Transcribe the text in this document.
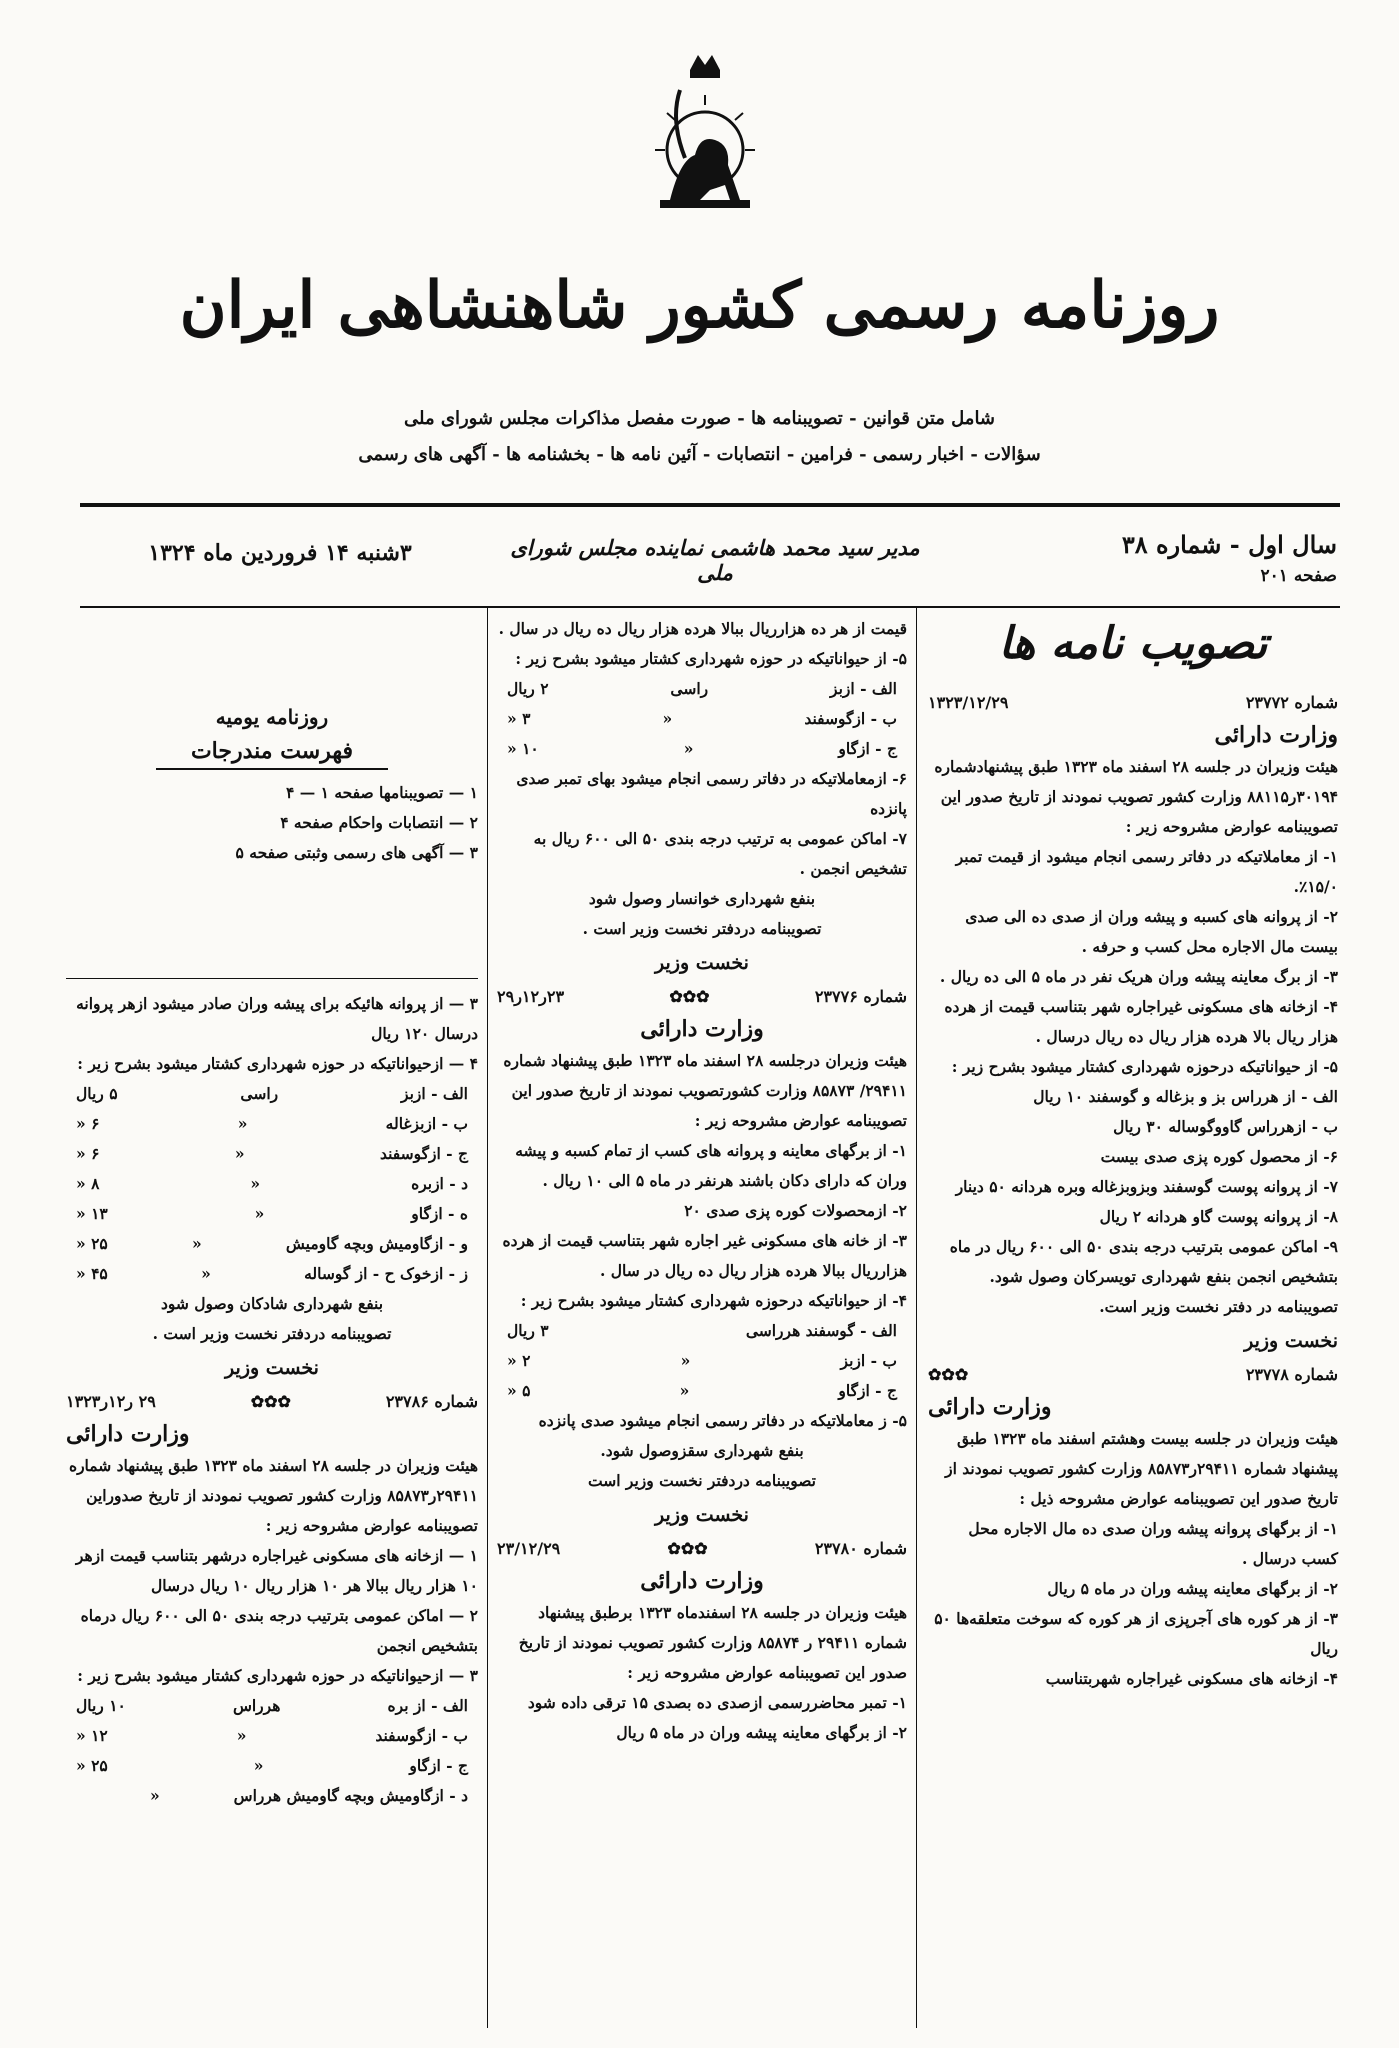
روزنامه رسمی کشور شاهنشاهی ایران
شامل متن قوانین - تصویبنامه ها - صورت مفصل مذاکرات مجلس شورای ملی
سؤالات - اخبار رسمی - فرامین - انتصابات - آئین نامه ها - بخشنامه ها - آگهی های رسمی
سال اول - شماره ۳۸
صفحه ۲۰۱
مدیر سید محمد هاشمی نماینده مجلس شورای ملی
۳شنبه ۱۴ فروردین ماه ۱۳۲۴
تصویب نامه ها
شماره ۲۳۷۷۲
۱۳۲۳/۱۲/۲۹
وزارت دارائی

هیئت وزیران در جلسه ۲۸ اسفند ماه ۱۳۲۳ طبق پیشنهادشماره ۳۰۱۹۴ر۸۸۱۱۵ وزارت کشور تصویب نمودند از تاریخ صدور این تصویبنامه عوارض مشروحه زیر :

۱- از معاملاتیکه در دفاتر رسمی انجام میشود از قیمت تمبر ۱۵/۰٪.

۲- از پروانه های کسبه و پیشه وران از صدی ده الی صدی بیست مال الاجاره محل کسب و حرفه .

۳- از برگ معاینه پیشه وران هریک نفر در ماه ۵ الی ده ریال .

۴- ازخانه های مسکونی غیراجاره شهر بتناسب قیمت از هرده هزار ریال بالا هرده هزار ریال ده ریال درسال .

۵- از حیواناتیکه درحوزه شهرداری کشتار میشود بشرح زیر :

الف - از هرراس بز و بزغاله و گوسفند ۱۰ ریال

ب - ازهرراس گاووگوساله ۳۰ ریال

۶- از محصول کوره پزی صدی بیست

۷- از پروانه پوست گوسفند وبزوبزغاله وبره هردانه ۵۰ دینار

۸- از پروانه پوست گاو هردانه ۲ ریال

۹- اماکن عمومی بترتیب درجه بندی ۵۰ الی ۶۰۰ ریال در ماه بتشخیص انجمن بنفع شهرداری تویسرکان وصول شود.

تصویبنامه در دفتر نخست وزیر است.

نخست وزیر
شماره ۲۳۷۷۸
✿✿✿
وزارت دارائی

هیئت وزیران در جلسه بیست وهشتم اسفند ماه ۱۳۲۳ طبق پیشنهاد شماره ۲۹۴۱۱ر۸۵۸۷۳ وزارت کشور تصویب نمودند از تاریخ صدور این تصویبنامه عوارض مشروحه ذیل :

۱- از برگهای پروانه پیشه وران صدی ده مال الاجاره محل کسب درسال .

۲- از برگهای معاینه پیشه وران در ماه ۵ ریال

۳- از هر کوره های آجرپزی از هر کوره که سوخت متعلقه‌ها ۵۰ ریال

۴- ازخانه های مسکونی غیراجاره شهربتناسب

قیمت از هر ده هزارریال ببالا هرده هزار ریال ده ریال در سال .

۵- از حیواناتیکه در حوزه شهرداری کشتار میشود بشرح زیر :

الف - ازبز
راسی
۲ ریال
ب - ازگوسفند
«
۳ «
ج - ازگاو
«
۱۰ «

۶- ازمعاملاتیکه در دفاتر رسمی انجام میشود بهای تمبر صدی پانزده

۷- اماکن عمومی به ترتیب درجه بندی ۵۰ الی ۶۰۰ ریال به تشخیص انجمن .

بنفع شهرداری خوانسار وصول شود

تصویبنامه دردفتر نخست وزیر است .

نخست وزیر
شماره ۲۳۷۷۶
✿✿✿
۲۳ر۱۲ر۲۹
وزارت دارائی

هیئت وزیران درجلسه ۲۸ اسفند ماه ۱۳۲۳ طبق پیشنهاد شماره ۲۹۴۱۱/ ۸۵۸۷۳ وزارت کشورتصویب نمودند از تاریخ صدور این تصویبنامه عوارض مشروحه زیر :

۱- از برگهای معاینه و پروانه های کسب از تمام کسبه و پیشه وران که دارای دکان باشند هرنفر در ماه ۵ الی ۱۰ ریال .

۲- ازمحصولات کوره پزی صدی ۲۰

۳- از خانه های مسکونی غیر اجاره شهر بتناسب قیمت از هرده هزارریال ببالا هرده هزار ریال ده ریال در سال .

۴- از حیواناتیکه درحوزه شهرداری کشتار میشود بشرح زیر :

الف - گوسفند هرراسی
۳ ریال
ب - ازبز
«
۲ «
ج - ازگاو
«
۵ «

۵- ز معاملاتیکه در دفاتر رسمی انجام میشود صدی پانزده

بنفع شهرداری سقزوصول شود.

تصویبنامه دردفتر نخست وزیر است

نخست وزیر
شماره ۲۳۷۸۰
✿✿✿
۲۳/۱۲/۲۹
وزارت دارائی

هیئت وزیران در جلسه ۲۸ اسفندماه ۱۳۲۳ برطبق پیشنهاد شماره ۲۹۴۱۱ ر ۸۵۸۷۴ وزارت کشور تصویب نمودند از تاریخ صدور این تصویبنامه عوارض مشروحه زیر :

۱- تمبر محاضررسمی ازصدی ده بصدی ۱۵ ترقی داده شود

۲- از برگهای معاینه پیشه وران در ماه ۵ ریال

روزنامه یومیه
فهرست مندرجات
۱ — تصویبنامها صفحه ۱ — ۴
۲ — انتصابات واحکام صفحه ۴
۳ — آگهی های رسمی وثبتی صفحه ۵

۳ — از پروانه هائیکه برای پیشه وران صادر میشود ازهر پروانه درسال ۱۲۰ ریال

۴ — ازحیواناتیکه در حوزه شهرداری کشتار میشود بشرح زیر :

الف - ازبز
راسی
۵ ریال
ب - ازبزغاله
«
۶ «
ج - ازگوسفند
«
۶ «
د - ازبره
«
۸ «
ه - ازگاو
«
۱۳ «
و - ازگاومیش وبچه گاومیش
«
۲۵ «
ز - ازخوک ح - از گوساله
«
۴۵ «

بنفع شهرداری شادکان وصول شود

تصویبنامه دردفتر نخست وزیر است .

نخست وزیر
شماره ۲۳۷۸۶
✿✿✿
۲۹ ر۱۲ر۱۳۲۳
وزارت دارائی

هیئت وزیران در جلسه ۲۸ اسفند ماه ۱۳۲۳ طبق پیشنهاد شماره ۲۹۴۱۱ر۸۵۸۷۳ وزارت کشور تصویب نمودند از تاریخ صدوراین تصویبنامه عوارض مشروحه زیر :

۱ — ازخانه های مسکونی غیراجاره درشهر بتناسب قیمت ازهر ۱۰ هزار ریال ببالا هر ۱۰ هزار ریال ۱۰ ریال درسال

۲ — اماکن عمومی بترتیب درجه بندی ۵۰ الی ۶۰۰ ریال درماه بتشخیص انجمن

۳ — ازحیواناتیکه در حوزه شهرداری کشتار میشود بشرح زیر :

الف - از بره
هرراس
۱۰ ریال
ب - ازگوسفند
«
۱۲ «
ج - ازگاو
«
۲۵ «
د - ازگاومیش وبچه گاومیش هرراس
«
